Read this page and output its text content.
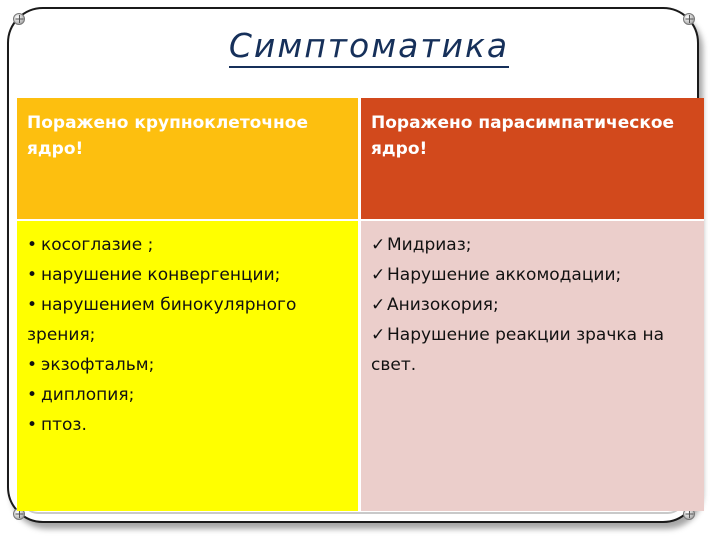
Симптоматика
Поражено крупноклеточное ядро!
Поражено парасимпатическое ядро!
• косоглазие ;
• нарушение конвергенции;
• нарушением бинокулярного зрения;
• экзофтальм;
• диплопия;
• птоз.
✓ Мидриаз;
✓ Нарушение аккомодации;
✓ Анизокория;
✓ Нарушение реакции зрачка на свет.
